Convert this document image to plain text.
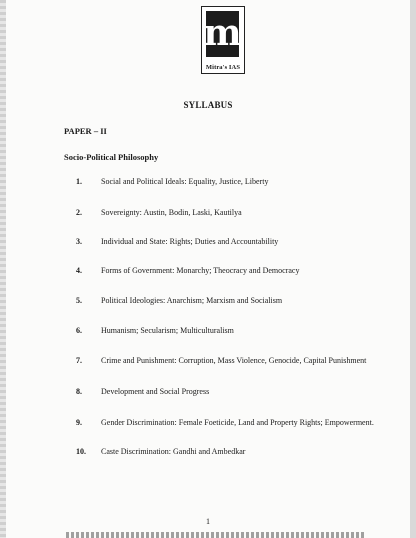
m
Mitra's IAS
SYLLABUS
PAPER – II
Socio-Political Philosophy
1. Social and Political Ideals: Equality, Justice, Liberty
2. Sovereignty: Austin, Bodin, Laski, Kautilya
3. Individual and State: Rights; Duties and Accountability
4. Forms of Government: Monarchy; Theocracy and Democracy
5. Political Ideologies: Anarchism; Marxism and Socialism
6. Humanism; Secularism; Multiculturalism
7. Crime and Punishment: Corruption, Mass Violence, Genocide, Capital Punishment
8. Development and Social Progress
9. Gender Discrimination: Female Foeticide, Land and Property Rights; Empowerment.
10. Caste Discrimination: Gandhi and Ambedkar
1
